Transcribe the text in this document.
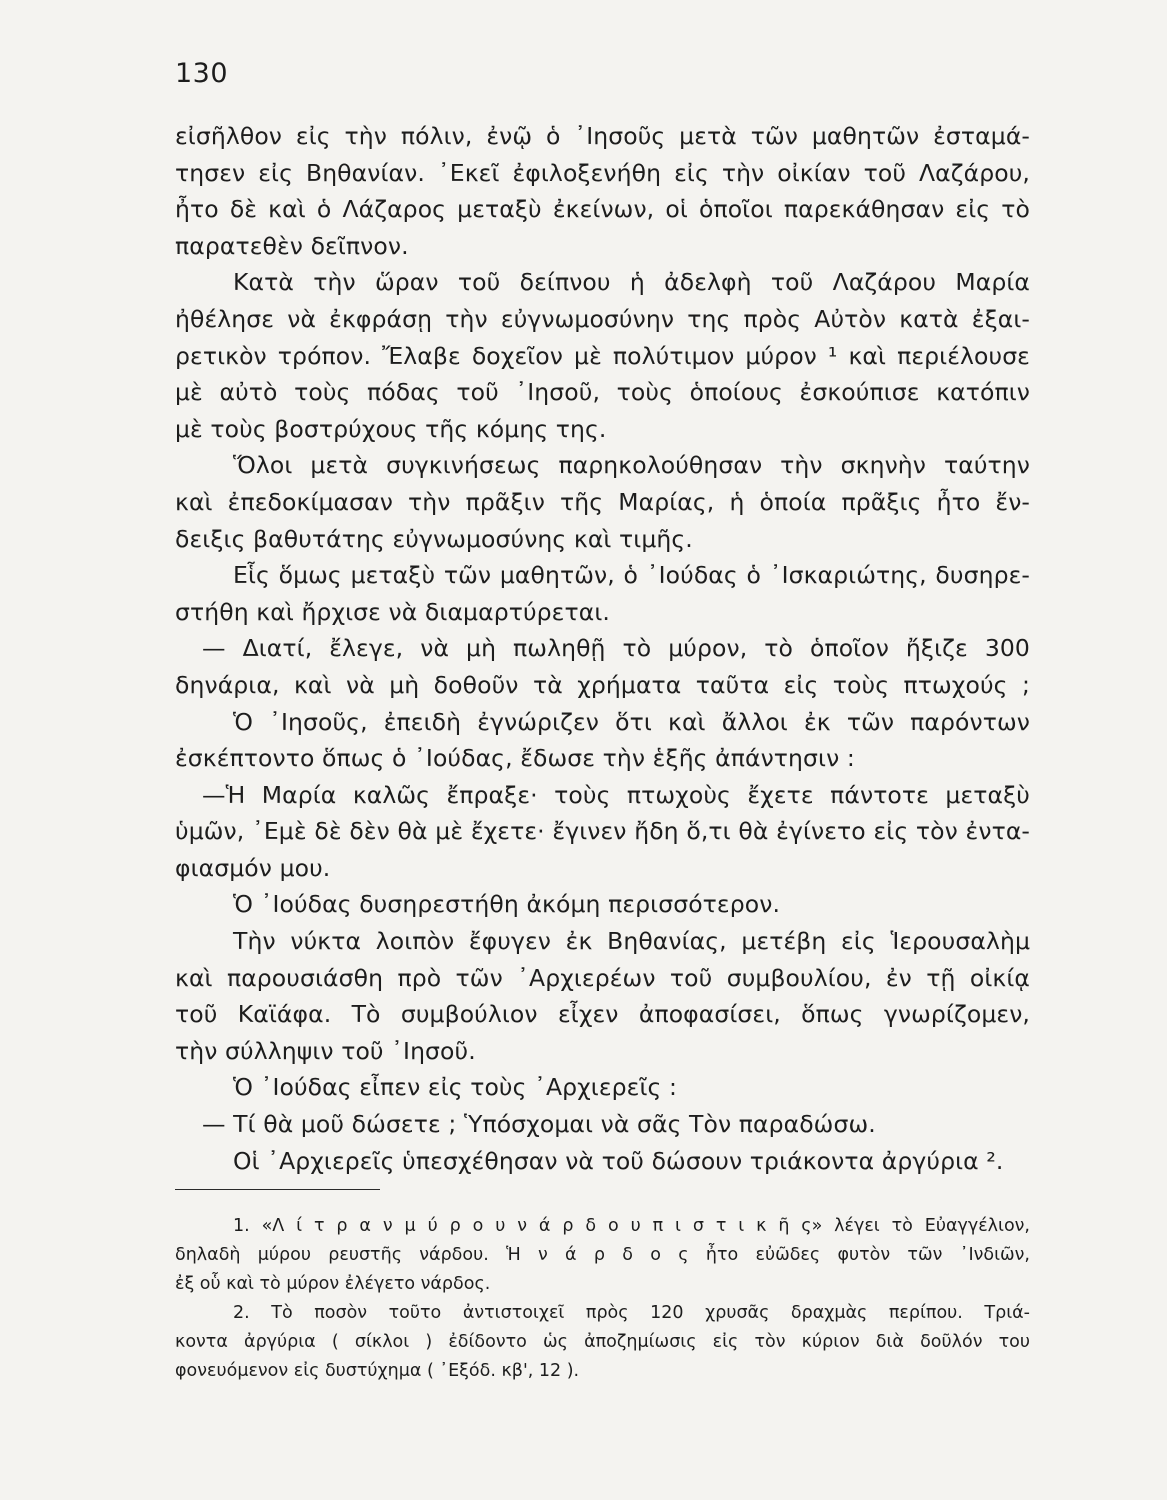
130
εἰσῆλθον εἰς τὴν πόλιν, ἐνῷ ὁ ᾿Ιησοῦς μετὰ τῶν μαθητῶν ἐσταμά-
τησεν εἰς Βηθανίαν. ᾿Εκεῖ ἐφιλοξενήθη εἰς τὴν οἰκίαν τοῦ Λαζάρου,
ἦτο δὲ καὶ ὁ Λάζαρος μεταξὺ ἐκείνων, οἱ ὁποῖοι παρεκάθησαν εἰς τὸ
παρατεθὲν δεῖπνον.
Κατὰ τὴν ὥραν τοῦ δείπνου ἡ ἀδελφὴ τοῦ Λαζάρου Μαρία
ἠθέλησε νὰ ἐκφράσῃ τὴν εὐγνωμοσύνην της πρὸς Αὐτὸν κατὰ ἐξαι-
ρετικὸν τρόπον. Ἔλαβε δοχεῖον μὲ πολύτιμον μύρον ¹ καὶ περιέλουσε
μὲ αὐτὸ τοὺς πόδας τοῦ ᾿Ιησοῦ, τοὺς ὁποίους ἐσκούπισε κατόπιν
μὲ τοὺς βοστρύχους τῆς κόμης της.
Ὅλοι μετὰ συγκινήσεως παρηκολούθησαν τὴν σκηνὴν ταύτην
καὶ ἐπεδοκίμασαν τὴν πρᾶξιν τῆς Μαρίας, ἡ ὁποία πρᾶξις ἦτο ἔν-
δειξις βαθυτάτης εὐγνωμοσύνης καὶ τιμῆς.
Εἷς ὅμως μεταξὺ τῶν μαθητῶν, ὁ ᾿Ιούδας ὁ ᾿Ισκαριώτης, δυσηρε-
στήθη καὶ ἤρχισε νὰ διαμαρτύρεται.
— Διατί, ἔλεγε, νὰ μὴ πωληθῇ τὸ μύρον, τὸ ὁποῖον ἤξιζε 300
δηνάρια, καὶ νὰ μὴ δοθοῦν τὰ χρήματα ταῦτα εἰς τοὺς πτωχούς ;
Ὁ ᾿Ιησοῦς, ἐπειδὴ ἐγνώριζεν ὅτι καὶ ἄλλοι ἐκ τῶν παρόντων
ἐσκέπτοντο ὅπως ὁ ᾿Ιούδας, ἔδωσε τὴν ἑξῆς ἀπάντησιν :
—Ἡ Μαρία καλῶς ἔπραξε· τοὺς πτωχοὺς ἔχετε πάντοτε μεταξὺ
ὑμῶν, ᾿Εμὲ δὲ δὲν θὰ μὲ ἔχετε· ἔγινεν ἤδη ὅ,τι θὰ ἐγίνετο εἰς τὸν ἐντα-
φιασμόν μου.
Ὁ ᾿Ιούδας δυσηρεστήθη ἀκόμη περισσότερον.
Τὴν νύκτα λοιπὸν ἔφυγεν ἐκ Βηθανίας, μετέβη εἰς Ἱερουσαλὴμ
καὶ παρουσιάσθη πρὸ τῶν ᾿Αρχιερέων τοῦ συμβουλίου, ἐν τῇ οἰκίᾳ
τοῦ Καϊάφα. Τὸ συμβούλιον εἶχεν ἀποφασίσει, ὅπως γνωρίζομεν,
τὴν σύλληψιν τοῦ ᾿Ιησοῦ.
Ὁ ᾿Ιούδας εἶπεν εἰς τοὺς ᾿Αρχιερεῖς :
— Τί θὰ μοῦ δώσετε ; Ὑπόσχομαι νὰ σᾶς Τὸν παραδώσω.
Οἱ ᾿Αρχιερεῖς ὑπεσχέθησαν νὰ τοῦ δώσουν τριάκοντα ἀργύρια ².
1. «Λ ί τ ρ α ν μ ύ ρ ο υ ν ά ρ δ ο υ π ι σ τ ι κ ῆ ς» λέγει τὸ Εὐαγγέλιον,
δηλαδὴ μύρου ρευστῆς νάρδου. Ἡ ν ά ρ δ ο ς ἦτο εὐῶδες φυτὸν τῶν ᾿Ινδιῶν,
ἐξ οὗ καὶ τὸ μύρον ἐλέγετο νάρδος.
2. Τὸ ποσὸν τοῦτο ἀντιστοιχεῖ πρὸς 120 χρυσᾶς δραχμὰς περίπου. Τριά-
κοντα ἀργύρια ( σίκλοι ) ἐδίδοντο ὡς ἀποζημίωσις εἰς τὸν κύριον διὰ δοῦλόν του
φονευόμενον εἰς δυστύχημα ( ᾿Εξόδ. κβ', 12 ).
